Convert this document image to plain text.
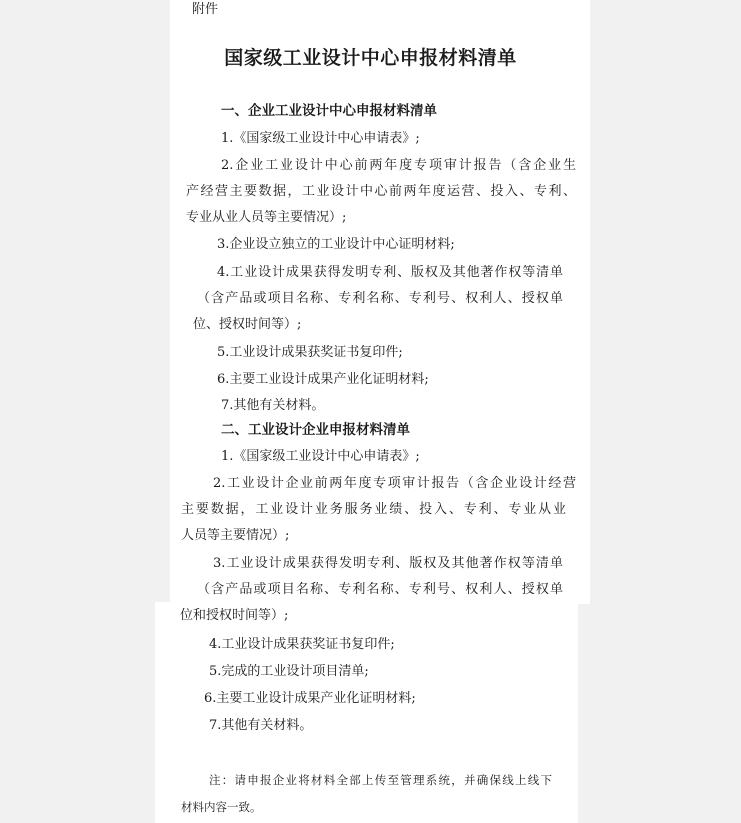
附件
国家级工业设计中心申报材料清单
一、企业工业设计中心申报材料清单
1.《国家级工业设计中心申请表》;
2.企业工业设计中心前两年度专项审计报告（含企业生
产经营主要数据，工业设计中心前两年度运营、投入、专利、
专业从业人员等主要情况）;
3.企业设立独立的工业设计中心证明材料;
4.工业设计成果获得发明专利、版权及其他著作权等清单
（含产品或项目名称、专利名称、专利号、权利人、授权单
位、授权时间等）;
5.工业设计成果获奖证书复印件;
6.主要工业设计成果产业化证明材料;
7.其他有关材料。
二、工业设计企业申报材料清单
1.《国家级工业设计中心申请表》;
2.工业设计企业前两年度专项审计报告（含企业设计经营
主要数据，工业设计业务服务业绩、投入、专利、专业从业
人员等主要情况）;
3.工业设计成果获得发明专利、版权及其他著作权等清单
（含产品或项目名称、专利名称、专利号、权利人、授权单
位和授权时间等）;
4.工业设计成果获奖证书复印件;
5.完成的工业设计项目清单;
6.主要工业设计成果产业化证明材料;
7.其他有关材料。
注：请申报企业将材料全部上传至管理系统，并确保线上线下
材料内容一致。
